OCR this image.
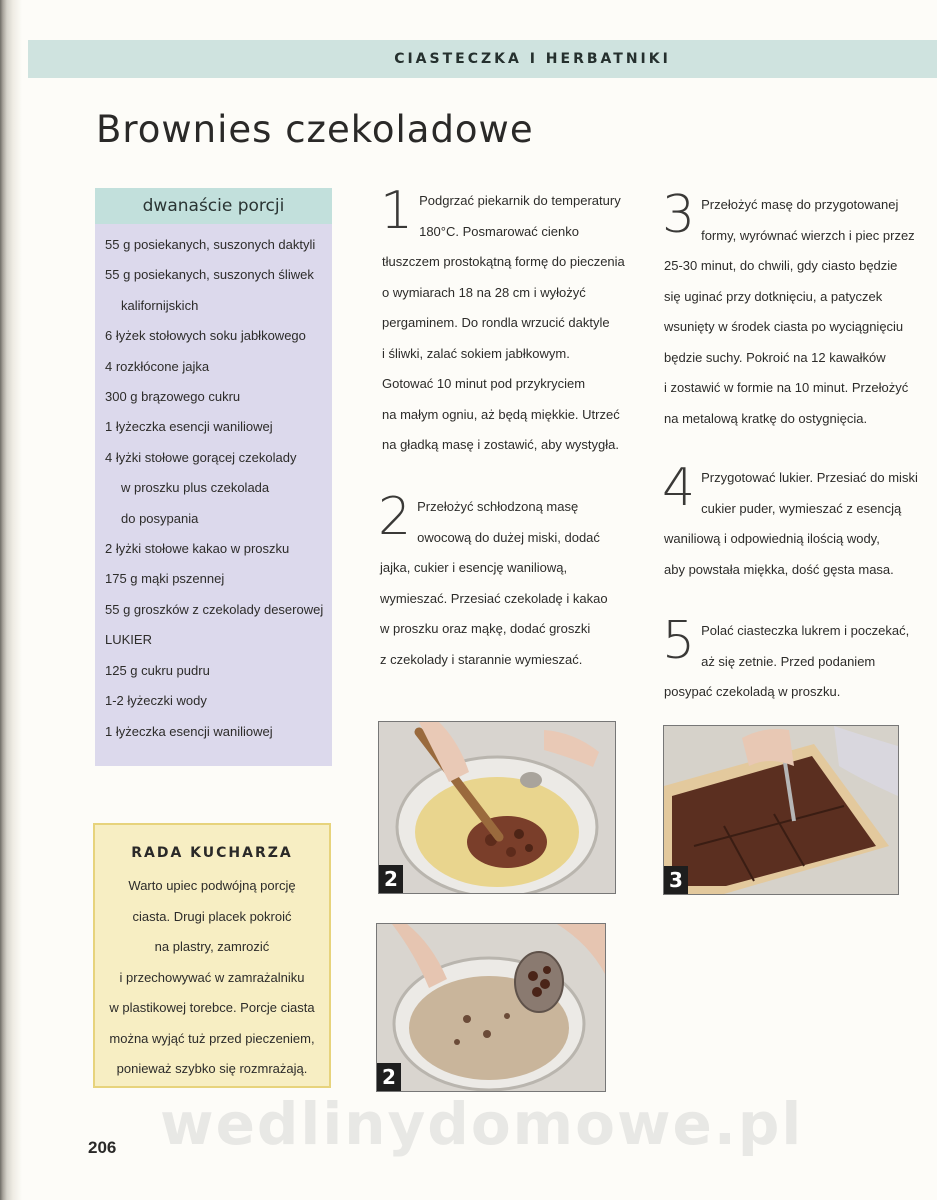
CIASTECZKA I HERBATNIKI
Brownies czekoladowe
dwanaście porcji
55 g posiekanych, suszonych daktyli
55 g posiekanych, suszonych śliwek
kalifornijskich
6 łyżek stołowych soku jabłkowego
4 rozkłócone jajka
300 g brązowego cukru
1 łyżeczka esencji waniliowej
4 łyżki stołowe gorącej czekolady
w proszku plus czekolada
do posypania
2 łyżki stołowe kakao w proszku
175 g mąki pszennej
55 g groszków z czekolady deserowej
LUKIER
125 g cukru pudru
1-2 łyżeczki wody
1 łyżeczka esencji waniliowej
1 Podgrzać piekarnik do temperatury
180°C. Posmarować cienko
tłuszczem prostokątną formę do pieczenia
o wymiarach 18 na 28 cm i wyłożyć
pergaminem. Do rondla wrzucić daktyle
i śliwki, zalać sokiem jabłkowym.
Gotować 10 minut pod przykryciem
na małym ogniu, aż będą miękkie. Utrzeć
na gładką masę i zostawić, aby wystygła.
2 Przełożyć schłodzoną masę
owocową do dużej miski, dodać
jajka, cukier i esencję waniliową,
wymieszać. Przesiać czekoladę i kakao
w proszku oraz mąkę, dodać groszki
z czekolady i starannie wymieszać.
3 Przełożyć masę do przygotowanej
formy, wyrównać wierzch i piec przez
25-30 minut, do chwili, gdy ciasto będzie
się uginać przy dotknięciu, a patyczek
wsunięty w środek ciasta po wyciągnięciu
będzie suchy. Pokroić na 12 kawałków
i zostawić w formie na 10 minut. Przełożyć
na metalową kratkę do ostygnięcia.
4 Przygotować lukier. Przesiać do miski
cukier puder, wymieszać z esencją
waniliową i odpowiednią ilością wody,
aby powstała miękka, dość gęsta masa.
5 Polać ciasteczka lukrem i poczekać,
aż się zetnie. Przed podaniem
posypać czekoladą w proszku.
2	3
2
RADA KUCHARZA
Warto upiec podwójną porcję
ciasta. Drugi placek pokroić
na plastry, zamrozić
i przechowywać w zamrażalniku
w plastikowej torebce. Porcje ciasta
można wyjąć tuż przed pieczeniem,
ponieważ szybko się rozmrażają.
wedlinydomowe.pl
206
